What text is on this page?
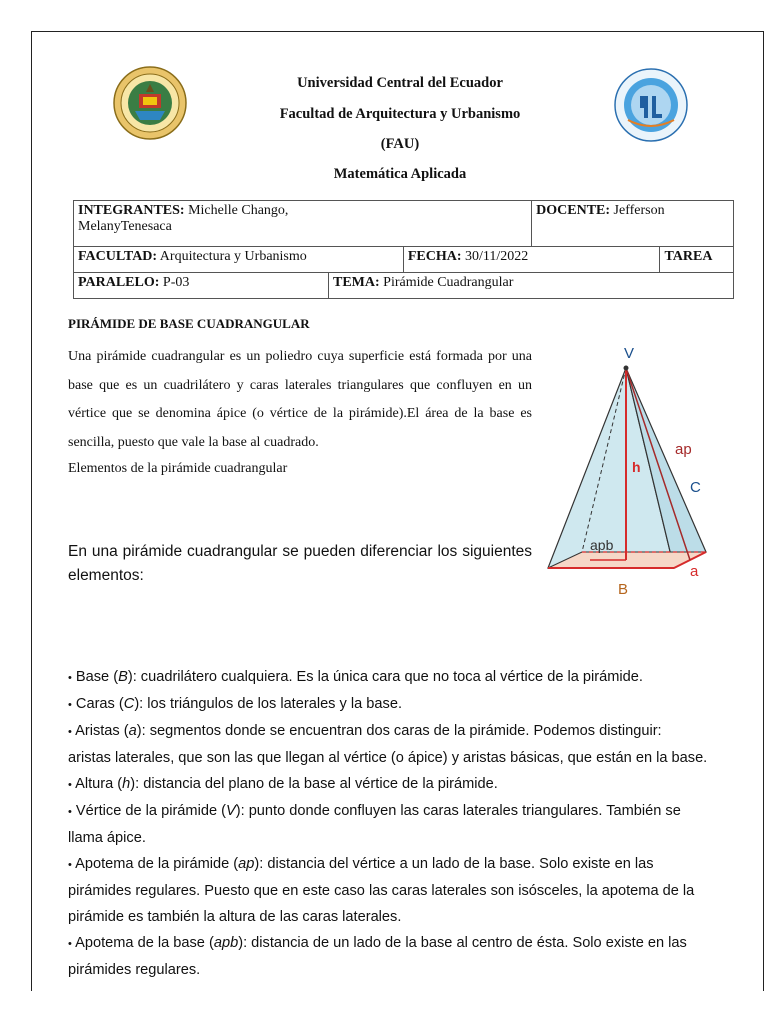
Universidad Central del Ecuador
Facultad de Arquitectura y Urbanismo
(FAU)
Matemática Aplicada
INTEGRANTES: Michelle Chango,
MelanyTenesaca			DOCENTE: Jefferson	
FACULTAD: Arquitectura y Urbanismo		FECHA: 30/11/2022		TAREA
PARALELO: P-03	TEMA: Pirámide Cuadrangular			
PIRÁMIDE DE BASE CUADRANGULAR

Una pirámide cuadrangular es un poliedro cuya superficie está formada por una base que es un cuadrilátero y caras laterales triangulares que confluyen en un vértice que se denomina ápice (o vértice de la pirámide).El área de la base es sencilla, puesto que vale la base al cuadrado.

Elementos de la pirámide cuadrangular

En una pirámide cuadrangular se pueden diferenciar los siguientes elementos:
V
h
ap
C
apb
a
B

• Base (B): cuadrilátero cualquiera. Es la única cara que no toca al vértice de la pirámide.

• Caras (C): los triángulos de los laterales y la base.

• Aristas (a): segmentos donde se encuentran dos caras de la pirámide. Podemos distinguir: aristas laterales, que son las que llegan al vértice (o ápice) y aristas básicas, que están en la base.

• Altura (h): distancia del plano de la base al vértice de la pirámide.

• Vértice de la pirámide (V): punto donde confluyen las caras laterales triangulares. También se llama ápice.

• Apotema de la pirámide (ap): distancia del vértice a un lado de la base. Solo existe en las pirámides regulares. Puesto que en este caso las caras laterales son isósceles, la apotema de la pirámide es también la altura de las caras laterales.

• Apotema de la base (apb): distancia de un lado de la base al centro de ésta. Solo existe en las pirámides regulares.
